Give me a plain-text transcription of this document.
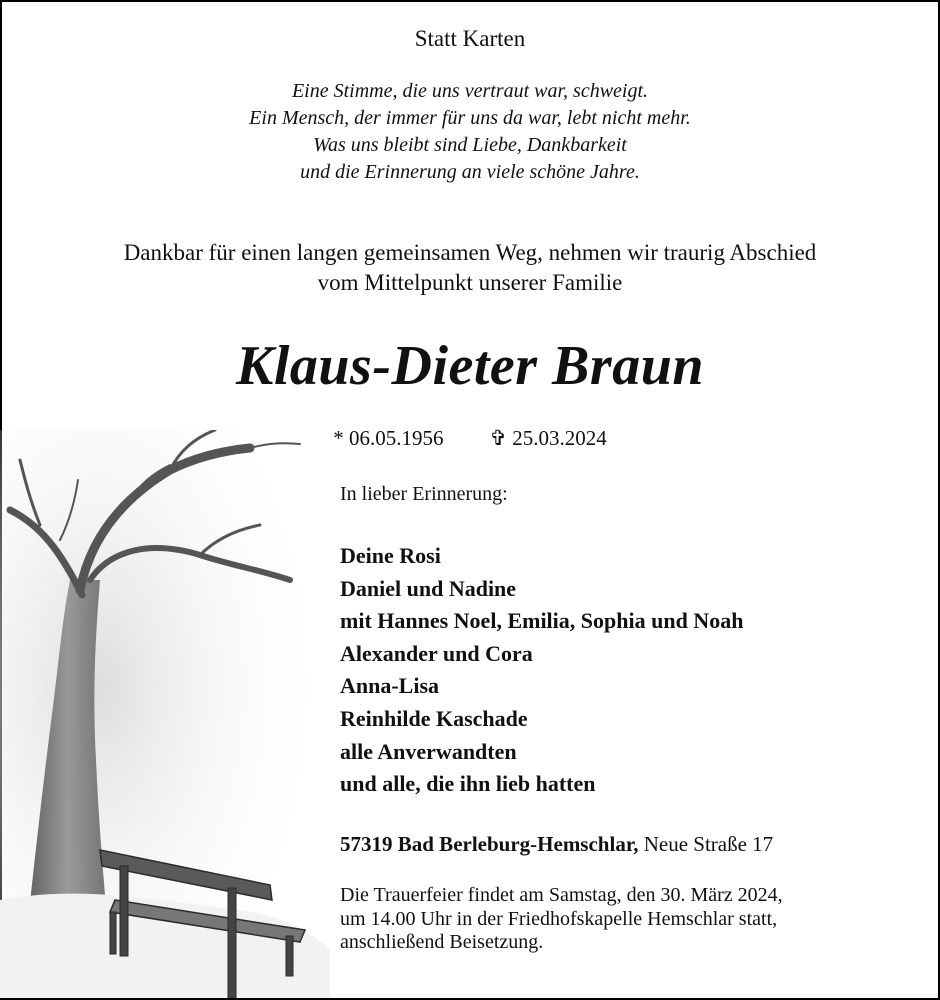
Statt Karten
Eine Stimme, die uns vertraut war, schweigt.
Ein Mensch, der immer für uns da war, lebt nicht mehr.
Was uns bleibt sind Liebe, Dankbarkeit
und die Erinnerung an viele schöne Jahre.
Dankbar für einen langen gemeinsamen Weg, nehmen wir traurig Abschied
vom Mittelpunkt unserer Familie
Klaus-Dieter Braun
* 06.05.1956 ✞ 25.03.2024
In lieber Erinnerung:
Deine Rosi
Daniel und Nadine
mit Hannes Noel, Emilia, Sophia und Noah
Alexander und Cora
Anna-Lisa
Reinhilde Kaschade
alle Anverwandten
und alle, die ihn lieb hatten
57319 Bad Berleburg-Hemschlar, Neue Straße 17
Die Trauerfeier findet am Samstag, den 30. März 2024,
um 14.00 Uhr in der Friedhofskapelle Hemschlar statt,
anschließend Beisetzung.
